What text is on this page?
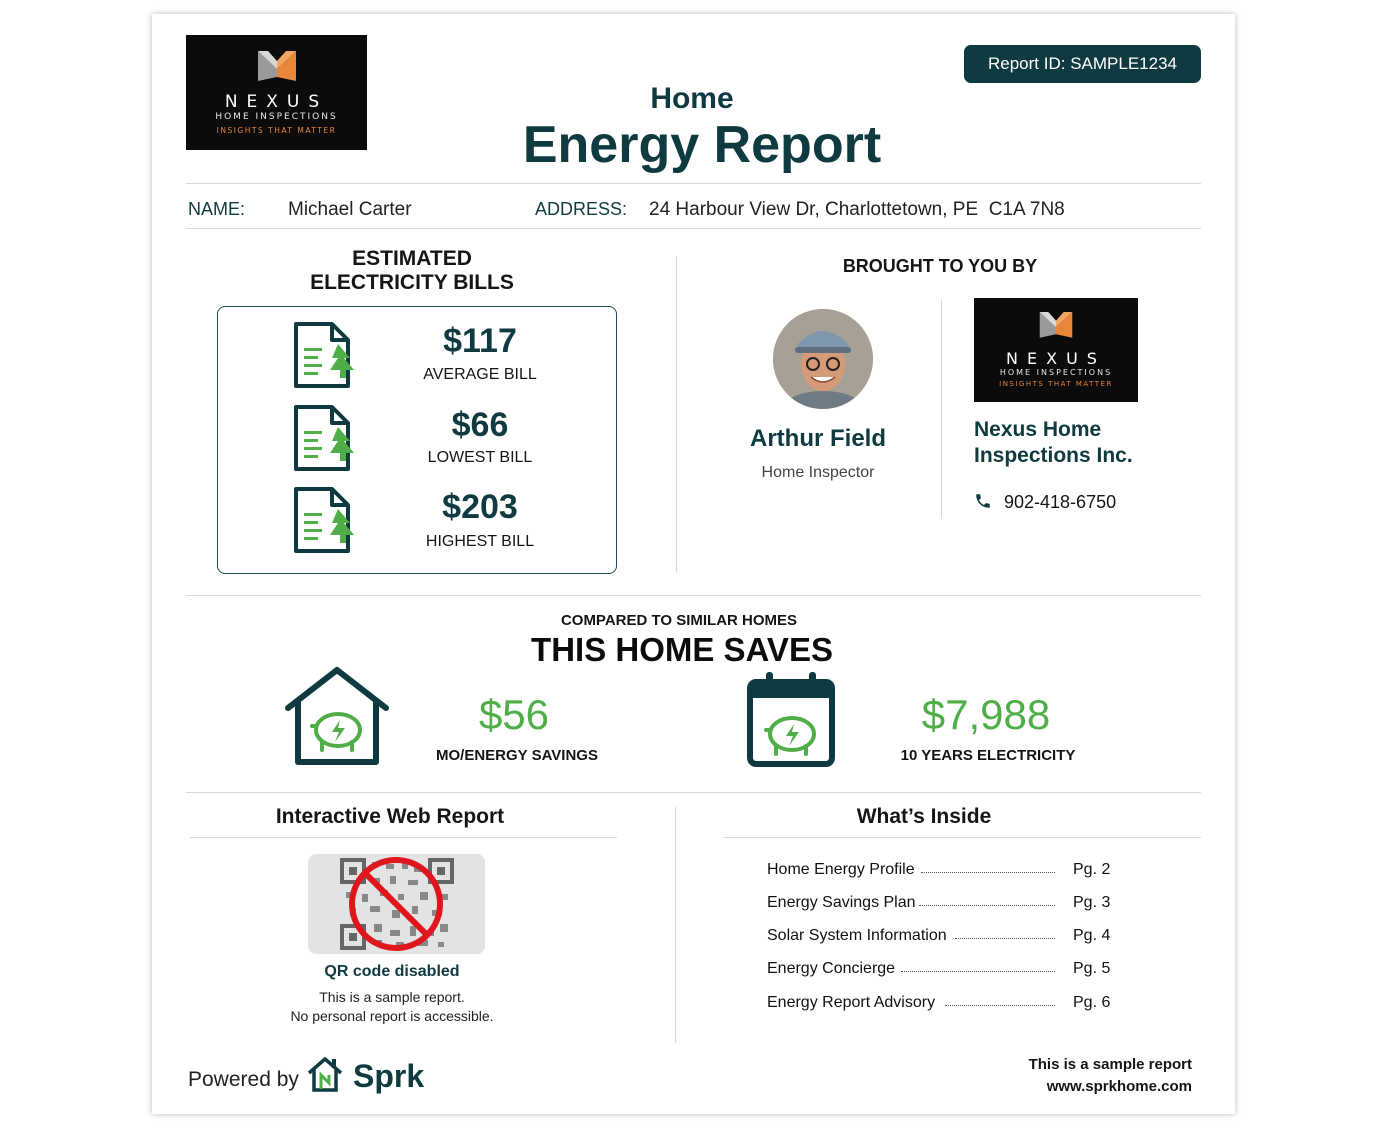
NEXUS
HOME INSPECTIONS
INSIGHTS THAT MATTER
Report ID: SAMPLE1234
Home
Energy Report
NAME: Michael Carter	ADDRESS: 24 Harbour View Dr, Charlottetown, PE  C1A 7N8
ESTIMATED
ELECTRICITY BILLS
$117
AVERAGE BILL
$66
LOWEST BILL
$203
HIGHEST BILL
BROUGHT TO YOU BY
Arthur Field
Home Inspector
NEXUS
HOME INSPECTIONS
INSIGHTS THAT MATTER
Nexus Home
Inspections Inc.
902-418-6750
COMPARED TO SIMILAR HOMES
THIS HOME SAVES
$56
MO/ENERGY SAVINGS
$7,988
10 YEARS ELECTRICITY
Interactive Web Report
QR code disabled
This is a sample report.
No personal report is accessible.
What’s Inside
Home Energy Profile	Pg. 2
Energy Savings Plan	Pg. 3
Solar System Information	Pg. 4
Energy Concierge	Pg. 5
Energy Report Advisory	Pg. 6
Powered by Sprk	This is a sample report
www.sprkhome.com
